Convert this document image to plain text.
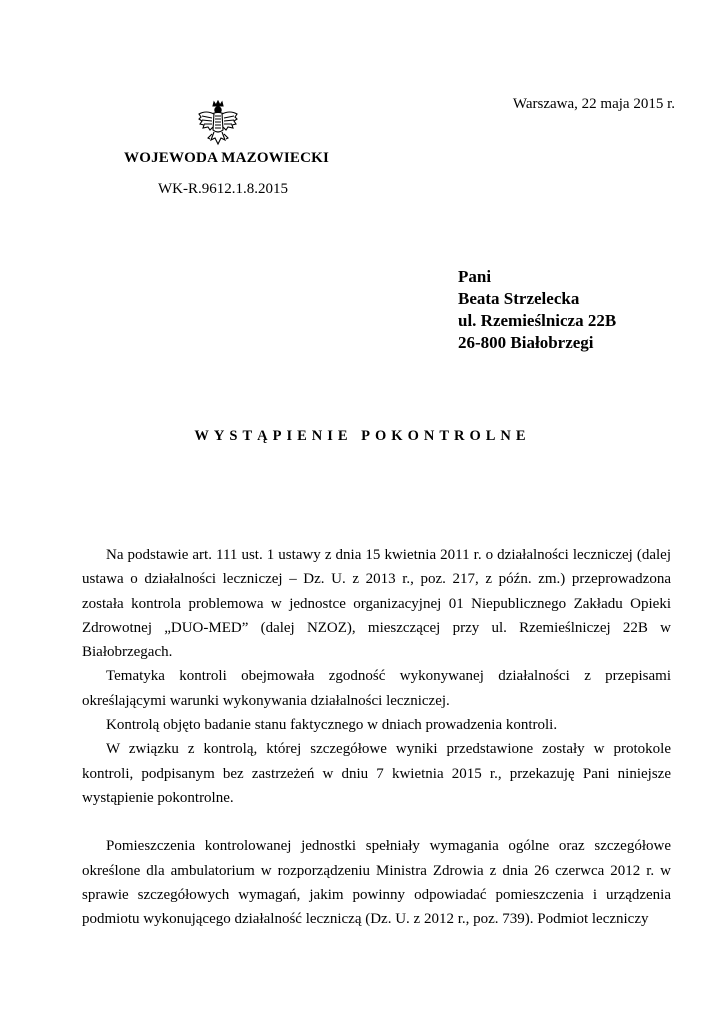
Warszawa, 22 maja 2015 r.
WOJEWODA MAZOWIECKI
WK-R.9612.1.8.2015
Pani
Beata Strzelecka
ul. Rzemieślnicza 22B
26-800 Białobrzegi
WYSTĄPIENIE POKONTROLNE

Na podstawie art. 111 ust. 1 ustawy z dnia 15 kwietnia 2011 r. o działalności leczniczej (dalej ustawa o działalności leczniczej – Dz. U. z 2013 r., poz. 217, z późn. zm.) przeprowadzona została kontrola problemowa w jednostce organizacyjnej 01 Niepublicznego Zakładu Opieki Zdrowotnej „DUO-MED” (dalej NZOZ), mieszczącej przy ul. Rzemieślniczej 22B w Białobrzegach.

Tematyka kontroli obejmowała zgodność wykonywanej działalności z przepisami określającymi warunki wykonywania działalności leczniczej.

Kontrolą objęto badanie stanu faktycznego w dniach prowadzenia kontroli.

W związku z kontrolą, której szczegółowe wyniki przedstawione zostały w protokole kontroli, podpisanym bez zastrzeżeń w dniu 7 kwietnia 2015 r., przekazuję Pani niniejsze wystąpienie pokontrolne.

Pomieszczenia kontrolowanej jednostki spełniały wymagania ogólne oraz szczegółowe określone dla ambulatorium w rozporządzeniu Ministra Zdrowia z dnia 26 czerwca 2012 r. w sprawie szczegółowych wymagań, jakim powinny odpowiadać pomieszczenia i urządzenia podmiotu wykonującego działalność leczniczą (Dz. U. z 2012 r., poz. 739). Podmiot leczniczy
